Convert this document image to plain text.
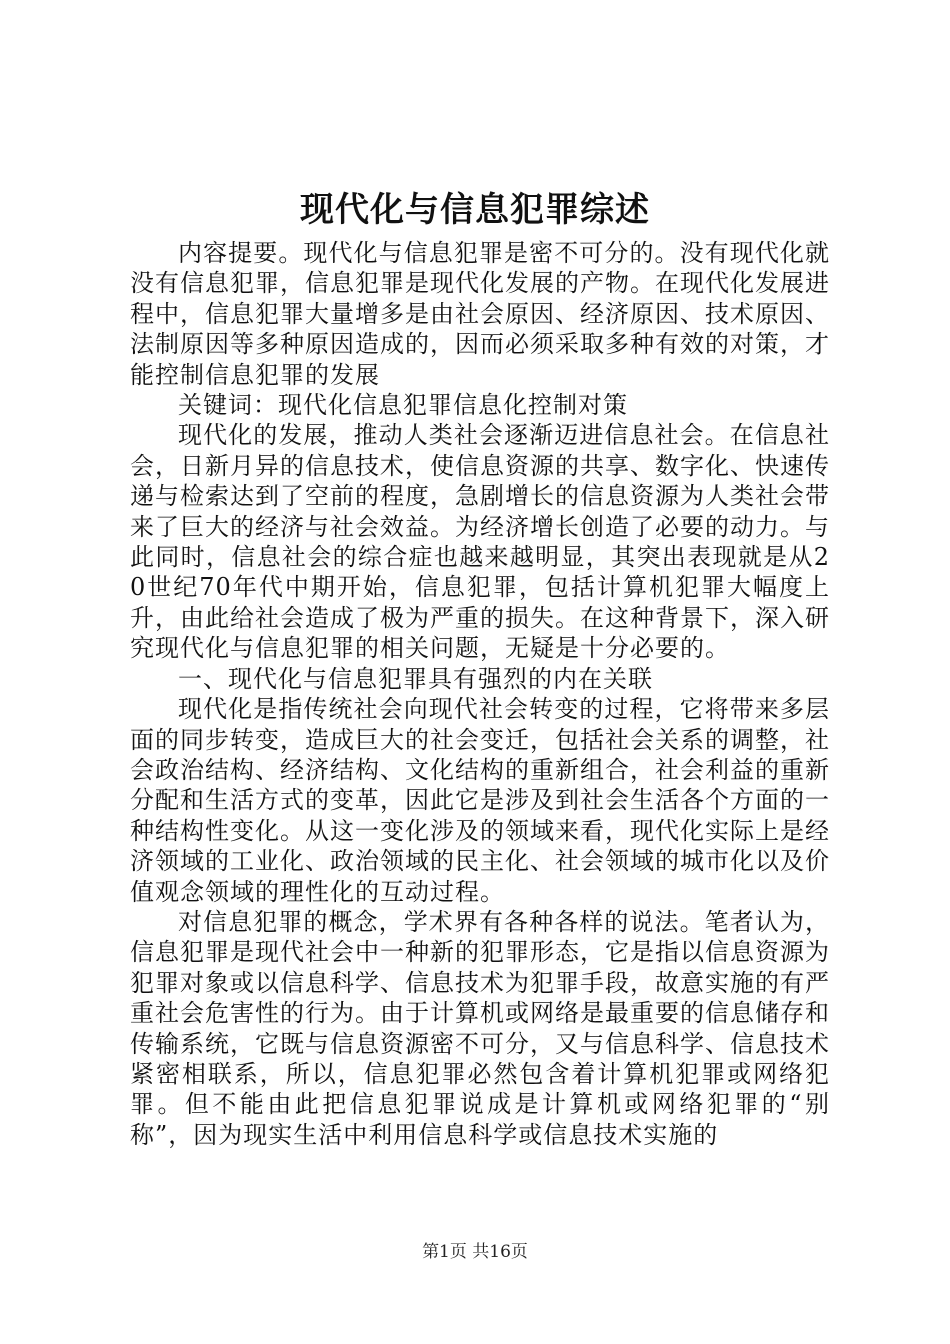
现代化与信息犯罪综述

内容提要。现代化与信息犯罪是密不可分的。没有现代化就没有信息犯罪，信息犯罪是现代化发展的产物。在现代化发展进程中，信息犯罪大量增多是由社会原因、经济原因、技术原因、法制原因等多种原因造成的，因而必须采取多种有效的对策，才能控制信息犯罪的发展

关键词：现代化信息犯罪信息化控制对策

现代化的发展，推动人类社会逐渐迈进信息社会。在信息社会，日新月异的信息技术，使信息资源的共享、数字化、快速传递与检索达到了空前的程度，急剧增长的信息资源为人类社会带来了巨大的经济与社会效益。为经济增长创造了必要的动力。与此同时，信息社会的综合症也越来越明显，其突出表现就是从20世纪70年代中期开始，信息犯罪，包括计算机犯罪大幅度上升，由此给社会造成了极为严重的损失。在这种背景下，深入研究现代化与信息犯罪的相关问题，无疑是十分必要的。

一、现代化与信息犯罪具有强烈的内在关联

现代化是指传统社会向现代社会转变的过程，它将带来多层面的同步转变，造成巨大的社会变迁，包括社会关系的调整，社会政治结构、经济结构、文化结构的重新组合，社会利益的重新分配和生活方式的变革，因此它是涉及到社会生活各个方面的一种结构性变化。从这一变化涉及的领域来看，现代化实际上是经济领域的工业化、政治领域的民主化、社会领域的城市化以及价值观念领域的理性化的互动过程。

对信息犯罪的概念，学术界有各种各样的说法。笔者认为，信息犯罪是现代社会中一种新的犯罪形态，它是指以信息资源为犯罪对象或以信息科学、信息技术为犯罪手段，故意实施的有严重社会危害性的行为。由于计算机或网络是最重要的信息储存和传输系统，它既与信息资源密不可分，又与信息科学、信息技术紧密相联系，所以，信息犯罪必然包含着计算机犯罪或网络犯罪。但不能由此把信息犯罪说成是计算机或网络犯罪的“别称”，因为现实生活中利用信息科学或信息技术实施的

第1页 共16页
